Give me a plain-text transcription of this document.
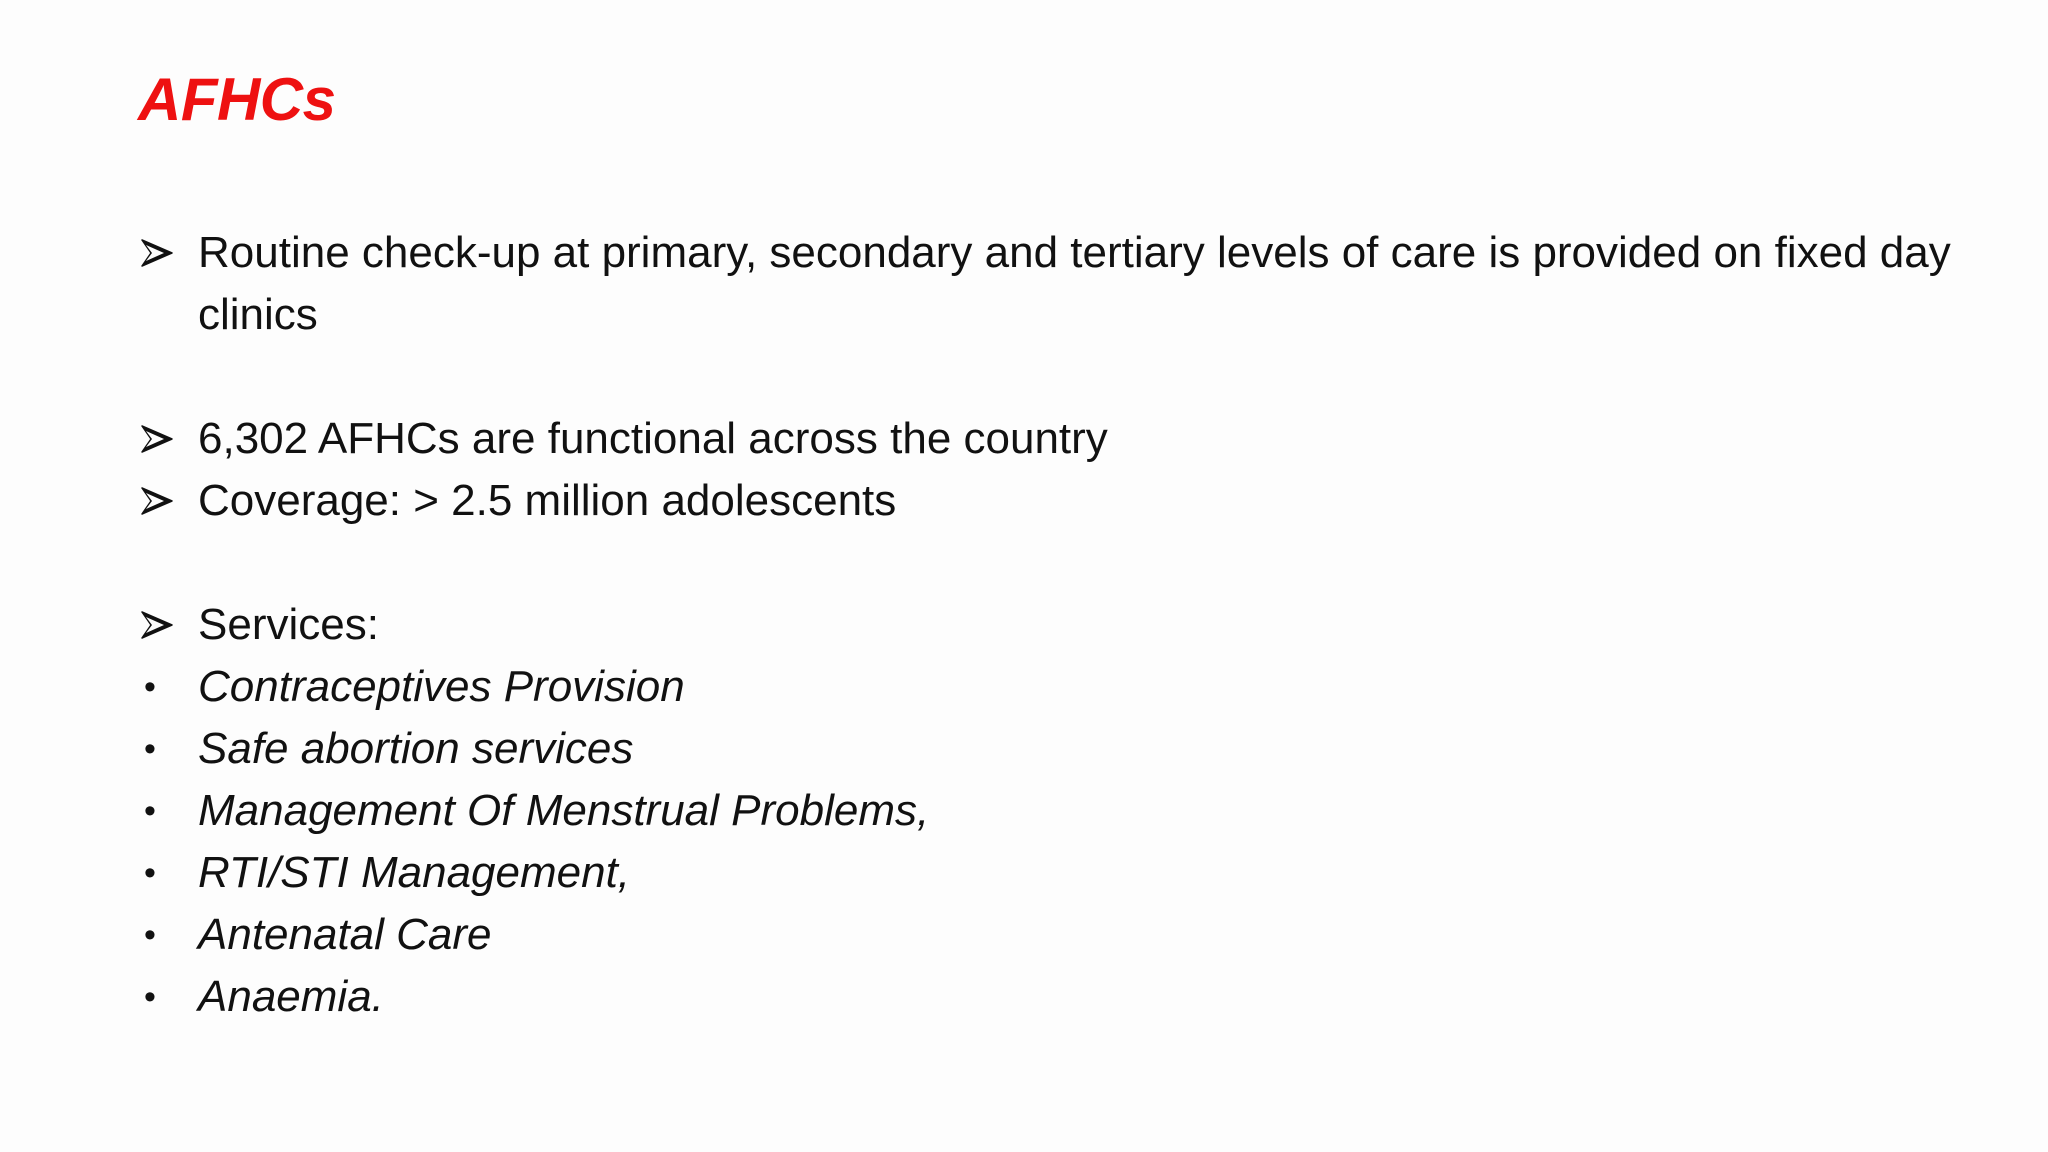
AFHCs
Routine check-up at primary, secondary and tertiary levels of care is provided on fixed day clinics
6,302 AFHCs are functional across the country
Coverage: > 2.5 million adolescents
Services:
• Contraceptives Provision
• Safe abortion services
• Management Of Menstrual Problems,
• RTI/STI Management,
• Antenatal Care
• Anaemia.
